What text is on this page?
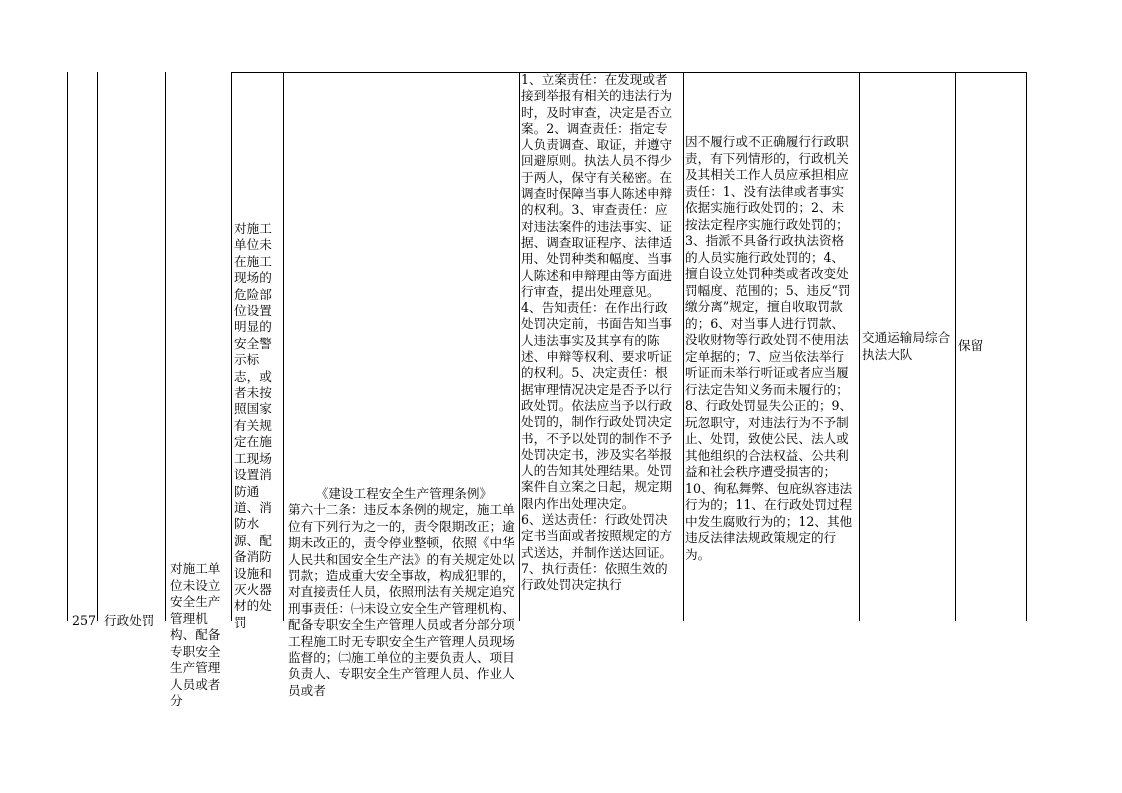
257 行政处罚
对施工单位未设立安全生产管理机构、配备专职安全生产管理人员或者分
对施工单位未在施工现场的危险部位设置明显的安全警示标志，或者未按照国家有关规定在施工现场设置消防通道、消防水源、配备消防设施和灭火器材的处罚

《建设工程安全生产管理条例》

第六十二条：违反本条例的规定，施工单位有下列行为之一的，责令限期改正；逾期未改正的，责令停业整顿，依照《中华人民共和国安全生产法》的有关规定处以罚款；造成重大安全事故，构成犯罪的，对直接责任人员，依照刑法有关规定追究刑事责任：㈠未设立安全生产管理机构、配备专职安全生产管理人员或者分部分项工程施工时无专职安全生产管理人员现场监督的；㈡施工单位的主要负责人、项目负责人、专职安全生产管理人员、作业人员或者

1、立案责任：在发现或者接到举报有相关的违法行为时，及时审查，决定是否立案。2、调查责任：指定专人负责调查、取证，并遵守回避原则。执法人员不得少于两人，保守有关秘密。在调查时保障当事人陈述申辩的权利。3、审查责任：应对违法案件的违法事实、证据、调查取证程序、法律适用、处罚种类和幅度、当事人陈述和申辩理由等方面进行审查，提出处理意见。4、告知责任：在作出行政处罚决定前，书面告知当事人违法事实及其享有的陈述、申辩等权利、要求听证的权利。5、决定责任：根据审理情况决定是否予以行政处罚。依法应当予以行政处罚的，制作行政处罚决定书，不予以处罚的制作不予处罚决定书，涉及实名举报人的告知其处理结果。处罚案件自立案之日起，规定期限内作出处理决定。
6、送达责任：行政处罚决定书当面或者按照规定的方式送达，并制作送达回证。7、执行责任：依照生效的行政处罚决定执行
因不履行或不正确履行行政职责，有下列情形的，行政机关及其相关工作人员应承担相应责任：1、没有法律或者事实依据实施行政处罚的；2、未按法定程序实施行政处罚的；3、指派不具备行政执法资格的人员实施行政处罚的；4、擅自设立处罚种类或者改变处罚幅度、范围的；5、违反“罚缴分离”规定，擅自收取罚款的；6、对当事人进行罚款、没收财物等行政处罚不使用法定单据的；7、应当依法举行听证而未举行听证或者应当履行法定告知义务而未履行的；8、行政处罚显失公正的；9、玩忽职守，对违法行为不予制止、处罚，致使公民、法人或其他组织的合法权益、公共利益和社会秩序遭受损害的；10、徇私舞弊、包庇纵容违法行为的；11、在行政处罚过程中发生腐败行为的；12、其他违反法律法规政策规定的行为。
交通运输局综合执法大队
保留
